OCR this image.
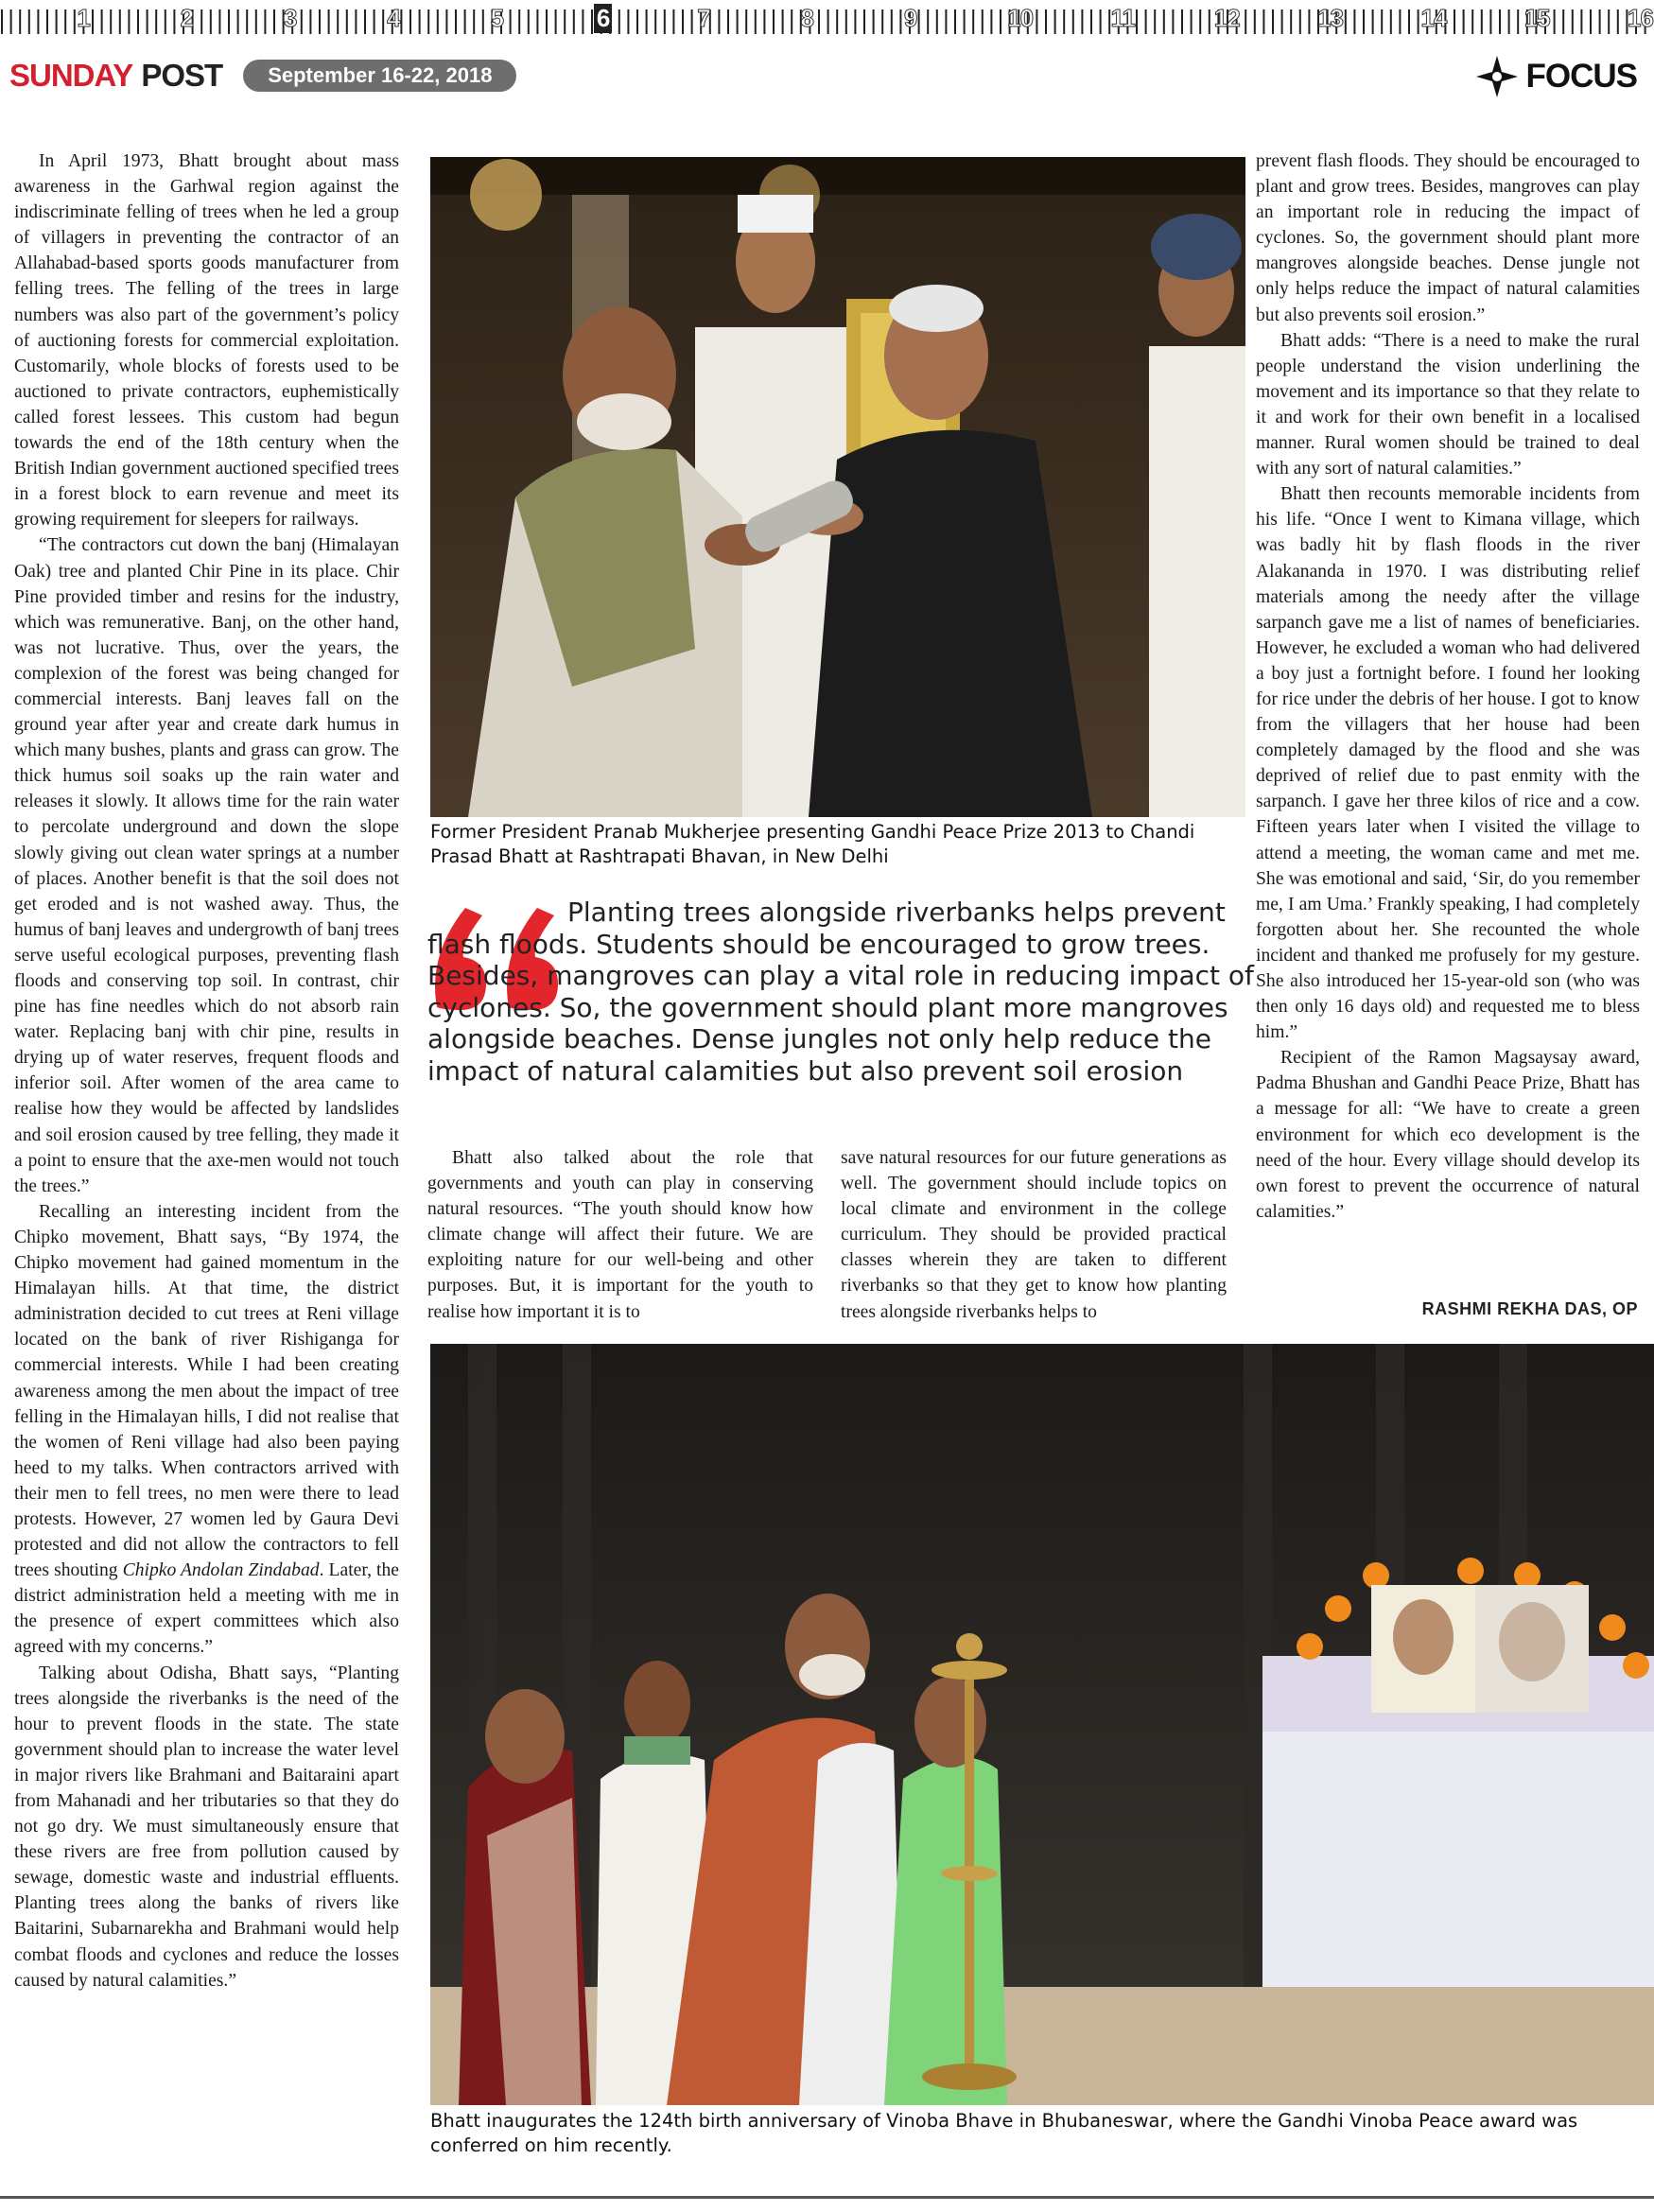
1	2	3	4	5	6	7	8	9	10	11	12	13	14	15	16
SUNDAY POST	September 16-22, 2018	FOCUS

In April 1973, Bhatt brought about mass awareness in the Garhwal region against the indiscriminate felling of trees when he led a group of villagers in preventing the contractor of an Allahabad-based sports goods manufacturer from felling trees. The felling of the trees in large numbers was also part of the government’s policy of auctioning forests for commercial exploitation. Customarily, whole blocks of forests used to be auctioned to private contractors, euphemistically called forest lessees. This custom had begun towards the end of the 18th century when the British Indian government auctioned specified trees in a forest block to earn revenue and meet its growing requirement for sleepers for railways.

“The contractors cut down the banj (Himalayan Oak) tree and planted Chir Pine in its place. Chir Pine provided timber and resins for the industry, which was remunerative. Banj, on the other hand, was not lucrative. Thus, over the years, the complexion of the forest was being changed for commercial interests. Banj leaves fall on the ground year after year and create dark humus in which many bushes, plants and grass can grow. The thick humus soil soaks up the rain water and releases it slowly. It allows time for the rain water to percolate underground and down the slope slowly giving out clean water springs at a number of places. Another benefit is that the soil does not get eroded and is not washed away. Thus, the humus of banj leaves and undergrowth of banj trees serve useful ecological purposes, preventing flash floods and conserving top soil. In contrast, chir pine has fine needles which do not absorb rain water. Replacing banj with chir pine, results in drying up of water reserves, frequent floods and inferior soil. After women of the area came to realise how they would be affected by landslides and soil erosion caused by tree felling, they made it a point to ensure that the axe-men would not touch the trees.”

Recalling an interesting incident from the Chipko movement, Bhatt says, “By 1974, the Chipko movement had gained momentum in the Himalayan hills. At that time, the district administration decided to cut trees at Reni village located on the bank of river Rishiganga for commercial interests. While I had been creating awareness among the men about the impact of tree felling in the Himalayan hills, I did not realise that the women of Reni village had also been paying heed to my talks. When contractors arrived with their men to fell trees, no men were there to lead protests. However, 27 women led by Gaura Devi protested and did not allow the contractors to fell trees shouting Chipko Andolan Zindabad. Later, the district administration held a meeting with me in the presence of expert committees which also agreed with my concerns.”

Talking about Odisha, Bhatt says, “Planting trees alongside the riverbanks is the need of the hour to prevent floods in the state. The state government should plan to increase the water level in major rivers like Brahmani and Baitaraini apart from Mahanadi and her tributaries so that they do not go dry. We must simultaneously ensure that these rivers are free from pollution caused by sewage, domestic waste and industrial effluents. Planting trees along the banks of rivers like Baitarini, Subarnarekha and Brahmani would help combat floods and cyclones and reduce the losses caused by natural calamities.”

Former President Pranab Mukherjee presenting Gandhi Peace Prize 2013 to Chandi Prasad Bhatt at Rashtrapati Bhavan, in New Delhi
Planting trees alongside riverbanks helps prevent flash floods. Students should be encouraged to grow trees. Besides, mangroves can play a vital role in reducing impact of cyclones. So, the government should plant more mangroves alongside beaches. Dense jungles not only help reduce the impact of natural calamities but also prevent soil erosion

Bhatt also talked about the role that governments and youth can play in conserving natural resources. “The youth should know how climate change will affect their future. We are exploiting nature for our well-being and other purposes. But, it is important for the youth to realise how important it is to

save natural resources for our future generations as well. The government should include topics on local climate and environment in the college curriculum. They should be provided practical classes wherein they are taken to different riverbanks so that they get to know how planting trees alongside riverbanks helps to

prevent flash floods. They should be encouraged to plant and grow trees. Besides, mangroves can play an important role in reducing the impact of cyclones. So, the government should plant more mangroves alongside beaches. Dense jungle not only helps reduce the impact of natural calamities but also prevents soil erosion.”

Bhatt adds: “There is a need to make the rural people understand the vision underlining the movement and its importance so that they relate to it and work for their own benefit in a localised manner. Rural women should be trained to deal with any sort of natural calamities.”

Bhatt then recounts memorable incidents from his life. “Once I went to Kimana village, which was badly hit by flash floods in the river Alakananda in 1970. I was distributing relief materials among the needy after the village sarpanch gave me a list of names of beneficiaries. However, he excluded a woman who had delivered a boy just a fortnight before. I found her looking for rice under the debris of her house. I got to know from the villagers that her house had been completely damaged by the flood and she was deprived of relief due to past enmity with the sarpanch. I gave her three kilos of rice and a cow. Fifteen years later when I visited the village to attend a meeting, the woman came and met me. She was emotional and said, ‘Sir, do you remember me, I am Uma.’ Frankly speaking, I had completely forgotten about her. She recounted the whole incident and thanked me profusely for my gesture. She also introduced her 15-year-old son (who was then only 16 days old) and requested me to bless him.”

Recipient of the Ramon Magsaysay award, Padma Bhushan and Gandhi Peace Prize, Bhatt has a message for all: “We have to create a green environment for which eco development is the need of the hour. Every village should develop its own forest to prevent the occurrence of natural calamities.”

RASHMI REKHA DAS, OP
Bhatt inaugurates the 124th birth anniversary of Vinoba Bhave in Bhubaneswar, where the Gandhi Vinoba Peace award was conferred on him recently.
